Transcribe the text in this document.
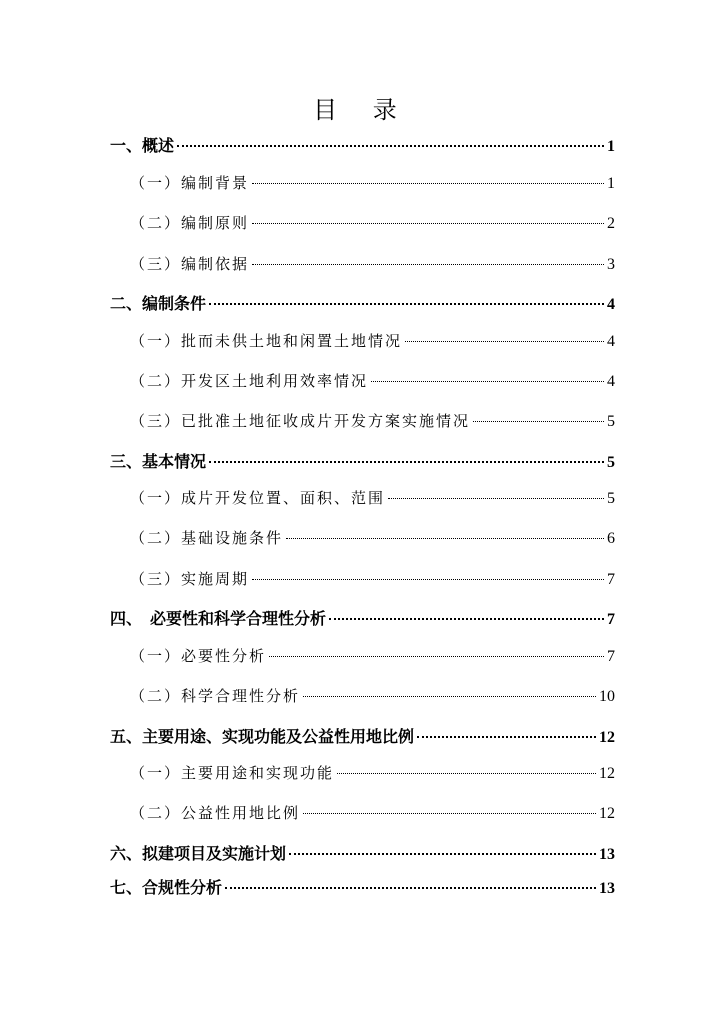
目 录
一、概述	1
（一）编制背景	1
（二）编制原则	2
（三）编制依据	3
二、编制条件	4
（一）批而未供土地和闲置土地情况	4
（二）开发区土地利用效率情况	4
（三）已批准土地征收成片开发方案实施情况	5
三、基本情况	5
（一）成片开发位置、面积、范围	5
（二）基础设施条件	6
（三）实施周期	7
四、　必要性和科学合理性分析	7
（一）必要性分析	7
（二）科学合理性分析	10
五、主要用途、实现功能及公益性用地比例	12
（一）主要用途和实现功能	12
（二）公益性用地比例	12
六、拟建项目及实施计划	13
七、合规性分析	13
